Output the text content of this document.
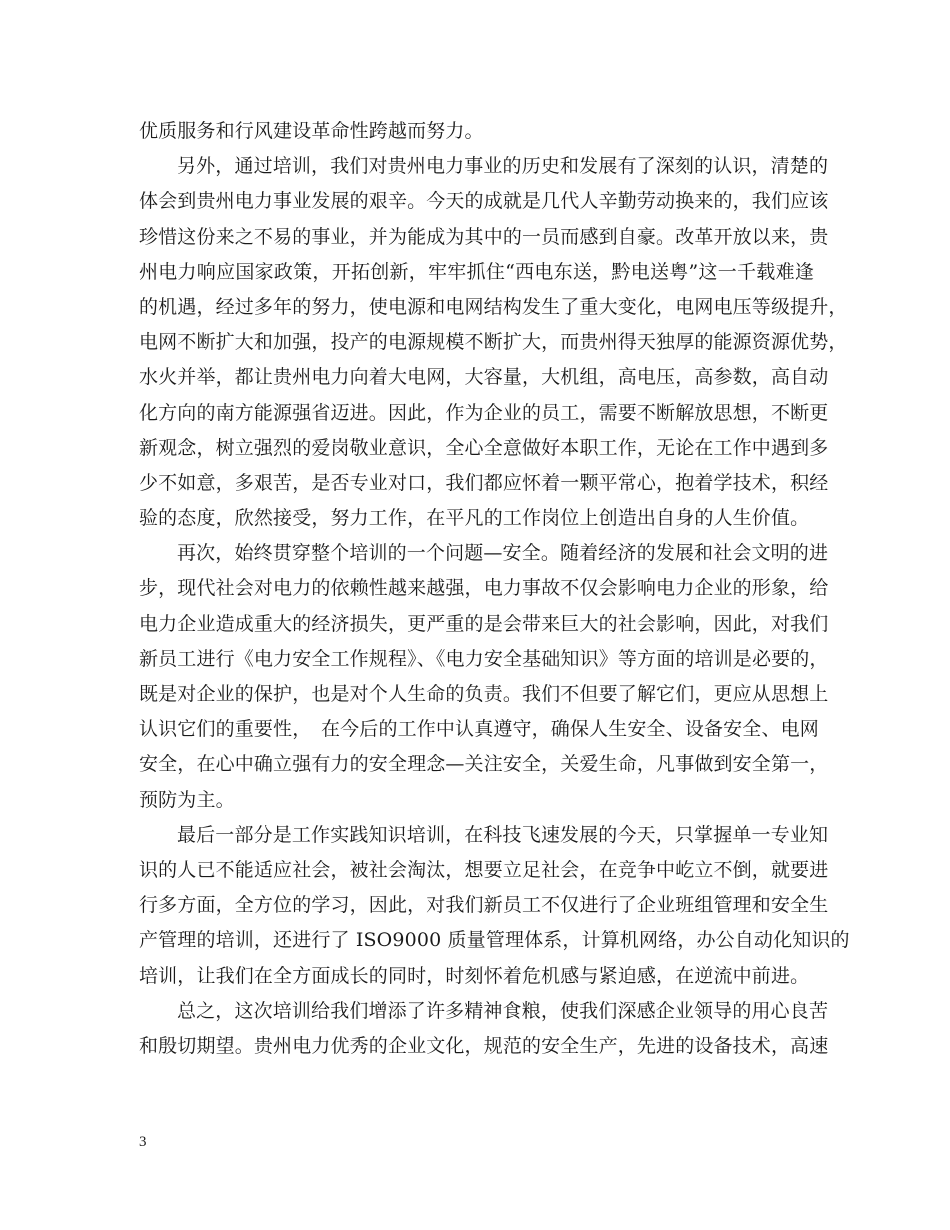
优质服务和行风建设革命性跨越而努力。
另外，通过培训，我们对贵州电力事业的历史和发展有了深刻的认识，清楚的
体会到贵州电力事业发展的艰辛。今天的成就是几代人辛勤劳动换来的，我们应该
珍惜这份来之不易的事业，并为能成为其中的一员而感到自豪。改革开放以来，贵
州电力响应国家政策，开拓创新，牢牢抓住“西电东送，黔电送粤”这一千载难逢
的机遇，经过多年的努力，使电源和电网结构发生了重大变化，电网电压等级提升，
电网不断扩大和加强，投产的电源规模不断扩大，而贵州得天独厚的能源资源优势，
水火并举，都让贵州电力向着大电网，大容量，大机组，高电压，高参数，高自动
化方向的南方能源强省迈进。因此，作为企业的员工，需要不断解放思想，不断更
新观念，树立强烈的爱岗敬业意识，全心全意做好本职工作，无论在工作中遇到多
少不如意，多艰苦，是否专业对口，我们都应怀着一颗平常心，抱着学技术，积经
验的态度，欣然接受，努力工作，在平凡的工作岗位上创造出自身的人生价值。
再次，始终贯穿整个培训的一个问题—安全。随着经济的发展和社会文明的进
步，现代社会对电力的依赖性越来越强，电力事故不仅会影响电力企业的形象，给
电力企业造成重大的经济损失，更严重的是会带来巨大的社会影响，因此，对我们
新员工进行《电力安全工作规程》、《电力安全基础知识》等方面的培训是必要的，
既是对企业的保护，也是对个人生命的负责。我们不但要了解它们，更应从思想上
认识它们的重要性，　在今后的工作中认真遵守，确保人生安全、设备安全、电网
安全，在心中确立强有力的安全理念—关注安全，关爱生命，凡事做到安全第一，
预防为主。
最后一部分是工作实践知识培训，在科技飞速发展的今天，只掌握单一专业知
识的人已不能适应社会，被社会淘汰，想要立足社会，在竞争中屹立不倒，就要进
行多方面，全方位的学习，因此，对我们新员工不仅进行了企业班组管理和安全生
产管理的培训，还进行了 ISO9000 质量管理体系，计算机网络，办公自动化知识的
培训，让我们在全方面成长的同时，时刻怀着危机感与紧迫感，在逆流中前进。
总之，这次培训给我们增添了许多精神食粮，使我们深感企业领导的用心良苦
和殷切期望。贵州电力优秀的企业文化，规范的安全生产，先进的设备技术，高速
3
